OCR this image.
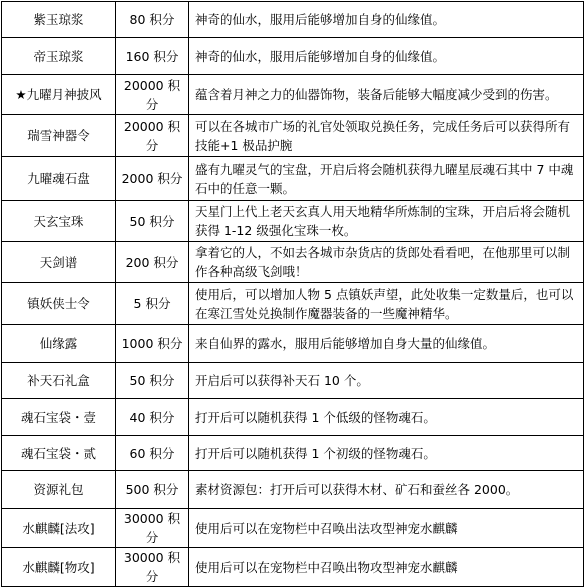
紫玉琼浆	80 积分	神奇的仙水，服用后能够增加自身的仙缘值。
帝玉琼浆	160 积分	神奇的仙水，服用后能够增加自身的仙缘值。
★九曜月神披风	20000 积分	蕴含着月神之力的仙器饰物，装备后能够大幅度减少受到的伤害。
瑞雪神器令	20000 积分	可以在各城市广场的礼官处领取兑换任务，完成任务后可以获得所有技能+1 极品护腕
九曜魂石盘	2000 积分	盛有九曜灵气的宝盘，开启后将会随机获得九曜星辰魂石其中 7 中魂石中的任意一颗。
天玄宝珠	50 积分	天星门上代上老天玄真人用天地精华所炼制的宝珠，开启后将会随机获得 1-12 级强化宝珠一枚。
天剑谱	200 积分	拿着它的人，不如去各城市杂货店的货郎处看看吧，在他那里可以制作各种高级飞剑哦！
镇妖侠士令	5 积分	使用后，可以增加人物 5 点镇妖声望，此处收集一定数量后，也可以在寒江雪处兑换制作魔器装备的一些魔神精华。
仙缘露	1000 积分	来自仙界的露水，服用后能够增加自身大量的仙缘值。
补天石礼盒	50 积分	开启后可以获得补天石 10 个。
魂石宝袋・壹	40 积分	打开后可以随机获得 1 个低级的怪物魂石。
魂石宝袋・贰	60 积分	打开后可以随机获得 1 个初级的怪物魂石。
资源礼包	500 积分	素材资源包：打开后可以获得木材、矿石和蚕丝各 2000。
水麒麟[法攻]	30000 积分	使用后可以在宠物栏中召唤出法攻型神宠水麒麟
水麒麟[物攻]	30000 积分	使用后可以在宠物栏中召唤出物攻型神宠水麒麟
